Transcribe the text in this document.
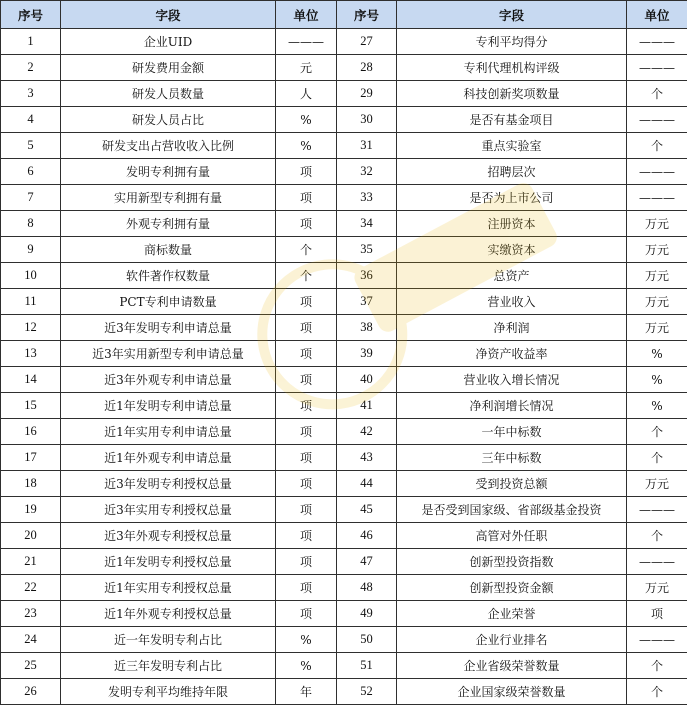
序号	字段	单位	序号	字段	单位
1	企业UID	———	27	专利平均得分	———
2	研发费用金额	元	28	专利代理机构评级	———
3	研发人员数量	人	29	科技创新奖项数量	个
4	研发人员占比	%	30	是否有基金项目	———
5	研发支出占营收收入比例	%	31	重点实验室	个
6	发明专利拥有量	项	32	招聘层次	———
7	实用新型专利拥有量	项	33	是否为上市公司	———
8	外观专利拥有量	项	34	注册资本	万元
9	商标数量	个	35	实缴资本	万元
10	软件著作权数量	个	36	总资产	万元
11	PCT专利申请数量	项	37	营业收入	万元
12	近3年发明专利申请总量	项	38	净利润	万元
13	近3年实用新型专利申请总量	项	39	净资产收益率	%
14	近3年外观专利申请总量	项	40	营业收入增长情况	%
15	近1年发明专利申请总量	项	41	净利润增长情况	%
16	近1年实用专利申请总量	项	42	一年中标数	个
17	近1年外观专利申请总量	项	43	三年中标数	个
18	近3年发明专利授权总量	项	44	受到投资总额	万元
19	近3年实用专利授权总量	项	45	是否受到国家级、省部级基金投资	———
20	近3年外观专利授权总量	项	46	高管对外任职	个
21	近1年发明专利授权总量	项	47	创新型投资指数	———
22	近1年实用专利授权总量	项	48	创新型投资金额	万元
23	近1年外观专利授权总量	项	49	企业荣誉	项
24	近一年发明专利占比	%	50	企业行业排名	———
25	近三年发明专利占比	%	51	企业省级荣誉数量	个
26	发明专利平均维持年限	年	52	企业国家级荣誉数量	个
